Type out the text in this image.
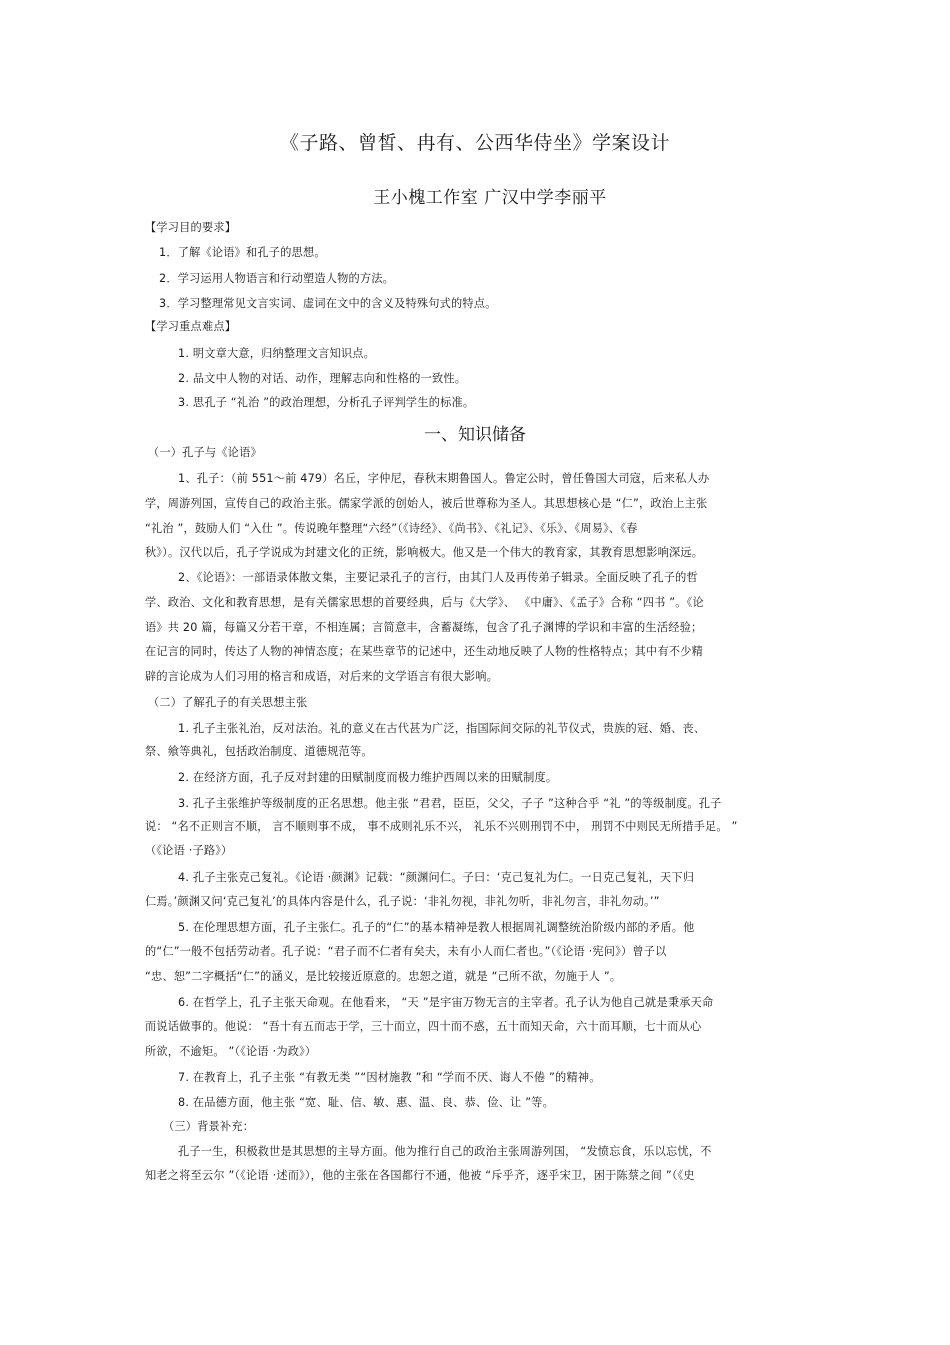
《子路、曾皙、冉有、公西华侍坐》学案设计
王小槐工作室 广汉中学李丽平
【学习目的要求】
1．了解《论语》和孔子的思想。
2．学习运用人物语言和行动塑造人物的方法。
3．学习整理常见文言实词、虚词在文中的含义及特殊句式的特点。
【学习重点难点】
1. 明文章大意，归纳整理文言知识点。
2. 品文中人物的对话、动作，理解志向和性格的一致性。
3. 思孔子 “礼治 ”的政治理想，分析孔子评判学生的标准。
一、知识储备
（一）孔子与《论语》
1、孔子：（前 551～前 479）名丘，字仲尼，春秋末期鲁国人。鲁定公时，曾任鲁国大司寇，后来私人办
学，周游列国，宣传自己的政治主张。儒家学派的创始人，被后世尊称为圣人。其思想核心是 “仁”，政治上主张
“礼治 ”，鼓励人们 “入仕 ”。传说晚年整理“六经”（《诗经》、《尚书》、《礼记》、《乐》、《周易》、《春
秋》）。汉代以后，孔子学说成为封建文化的正统，影响极大。他又是一个伟大的教育家，其教育思想影响深远。
2、《论语》：一部语录体散文集，主要记录孔子的言行，由其门人及再传弟子辑录。全面反映了孔子的哲
学、政治、文化和教育思想，是有关儒家思想的首要经典，后与《大学》、 《中庸》、《孟子》合称 “四书 ”。《论
语》共 20 篇，每篇又分若干章，不相连属；言简意丰，含蓄凝练，包含了孔子渊博的学识和丰富的生活经验；
在记言的同时，传达了人物的神情态度；在某些章节的记述中，还生动地反映了人物的性格特点；其中有不少精
辟的言论成为人们习用的格言和成语，对后来的文学语言有很大影响。
（二）了解孔子的有关思想主张
1. 孔子主张礼治，反对法治。礼的意义在古代甚为广泛，指国际间交际的礼节仪式，贵族的冠、婚、丧、
祭、飨等典礼，包括政治制度、道德规范等。
2. 在经济方面，孔子反对封建的田赋制度而极力维护西周以来的田赋制度。
3. 孔子主张维护等级制度的正名思想。他主张 “君君，臣臣，父父，子子 ”这种合乎 “礼 ”的等级制度。孔子
说： “名不正则言不顺， 言不顺则事不成， 事不成则礼乐不兴， 礼乐不兴则刑罚不中， 刑罚不中则民无所措手足。 ”
（《论语 ·子路》）
4. 孔子主张克己复礼。《论语 ·颜渊》记载：“颜渊问仁。子曰：‘克己复礼为仁。一日克己复礼，天下归
仁焉。’颜渊又问‘克己复礼’的具体内容是什么，孔子说：‘非礼勿视，非礼勿听，非礼勿言，非礼勿动。’”
5. 在伦理思想方面，孔子主张仁。孔子的“仁”的基本精神是教人根据周礼调整统治阶级内部的矛盾。他
的“仁”一般不包括劳动者。孔子说：“君子而不仁者有矣夫，未有小人而仁者也。”（《论语 ·宪问》）曾子以
“忠、恕”二字概括“仁”的涵义，是比较接近原意的。忠恕之道，就是 “己所不欲，勿施于人 ”。
6. 在哲学上，孔子主张天命观。在他看来， “天 ”是宇宙万物无言的主宰者。孔子认为他自己就是秉承天命
而说话做事的。他说： “吾十有五而志于学，三十而立，四十而不惑，五十而知天命，六十而耳顺，七十而从心
所欲，不逾矩。 ”（《论语 ·为政》）
7. 在教育上，孔子主张 “有教无类 ”“因材施教 ”和 “学而不厌、诲人不倦 ”的精神。
8. 在品德方面，他主张 “宽、耻、信、敏、惠、温、良、恭、俭、让 ”等。
（三）背景补充：
孔子一生，积极救世是其思想的主导方面。他为推行自己的政治主张周游列国， “发愤忘食，乐以忘忧，不
知老之将至云尔 ”（《论语 ·述而》），他的主张在各国都行不通，他被 “斥乎齐，逐乎宋卫，困于陈蔡之间 ”（《史
